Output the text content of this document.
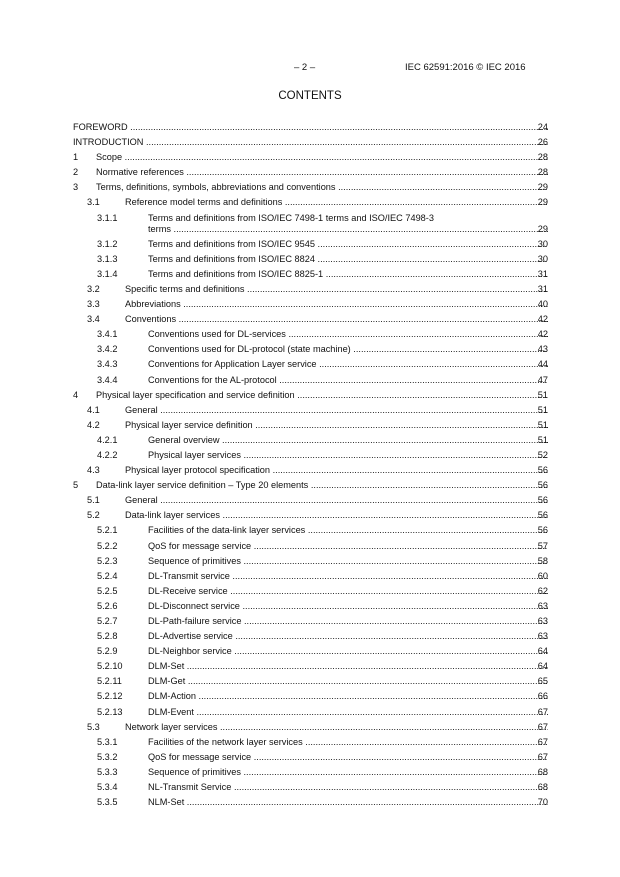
– 2 –	IEC 62591:2016 © IEC 2016
CONTENTS
FOREWORD .....	24
INTRODUCTION .....	26
1 Scope .....	28
2 Normative references .....	28
3 Terms, definitions, symbols, abbreviations and conventions .....	29
3.1	Reference model terms and definitions .....	29
3.1.1	Terms and definitions from ISO/IEC 7498-1 terms and ISO/IEC 7498-3
terms .....	29
3.1.2	Terms and definitions from ISO/IEC 9545 .....	30
3.1.3	Terms and definitions from ISO/IEC 8824 .....	30
3.1.4	Terms and definitions from ISO/IEC 8825-1 .....	31
3.2	Specific terms and definitions .....	31
3.3	Abbreviations .....	40
3.4	Conventions .....	42
3.4.1	Conventions used for DL-services .....	42
3.4.2	Conventions used for DL-protocol (state machine) .....	43
3.4.3	Conventions for Application Layer service .....	44
3.4.4	Conventions for the AL-protocol .....	47
4 Physical layer specification and service definition .....	51
4.1	General .....	51
4.2	Physical layer service definition .....	51
4.2.1	General overview .....	51
4.2.2	Physical layer services .....	52
4.3	Physical layer protocol specification .....	56
5 Data-link layer service definition – Type 20 elements .....	56
5.1	General .....	56
5.2	Data-link layer services .....	56
5.2.1	Facilities of the data-link layer services .....	56
5.2.2	QoS for message service .....	57
5.2.3	Sequence of primitives .....	58
5.2.4	DL-Transmit service .....	60
5.2.5	DL-Receive service .....	62
5.2.6	DL-Disconnect service .....	63
5.2.7	DL-Path-failure service .....	63
5.2.8	DL-Advertise service .....	63
5.2.9	DL-Neighbor service .....	64
5.2.10	DLM-Set .....	64
5.2.11	DLM-Get .....	65
5.2.12	DLM-Action .....	66
5.2.13	DLM-Event .....	67
5.3	Network layer services .....	67
5.3.1	Facilities of the network layer services .....	67
5.3.2	QoS for message service .....	67
5.3.3	Sequence of primitives .....	68
5.3.4	NL-Transmit Service .....	68
5.3.5	NLM-Set .....	70
